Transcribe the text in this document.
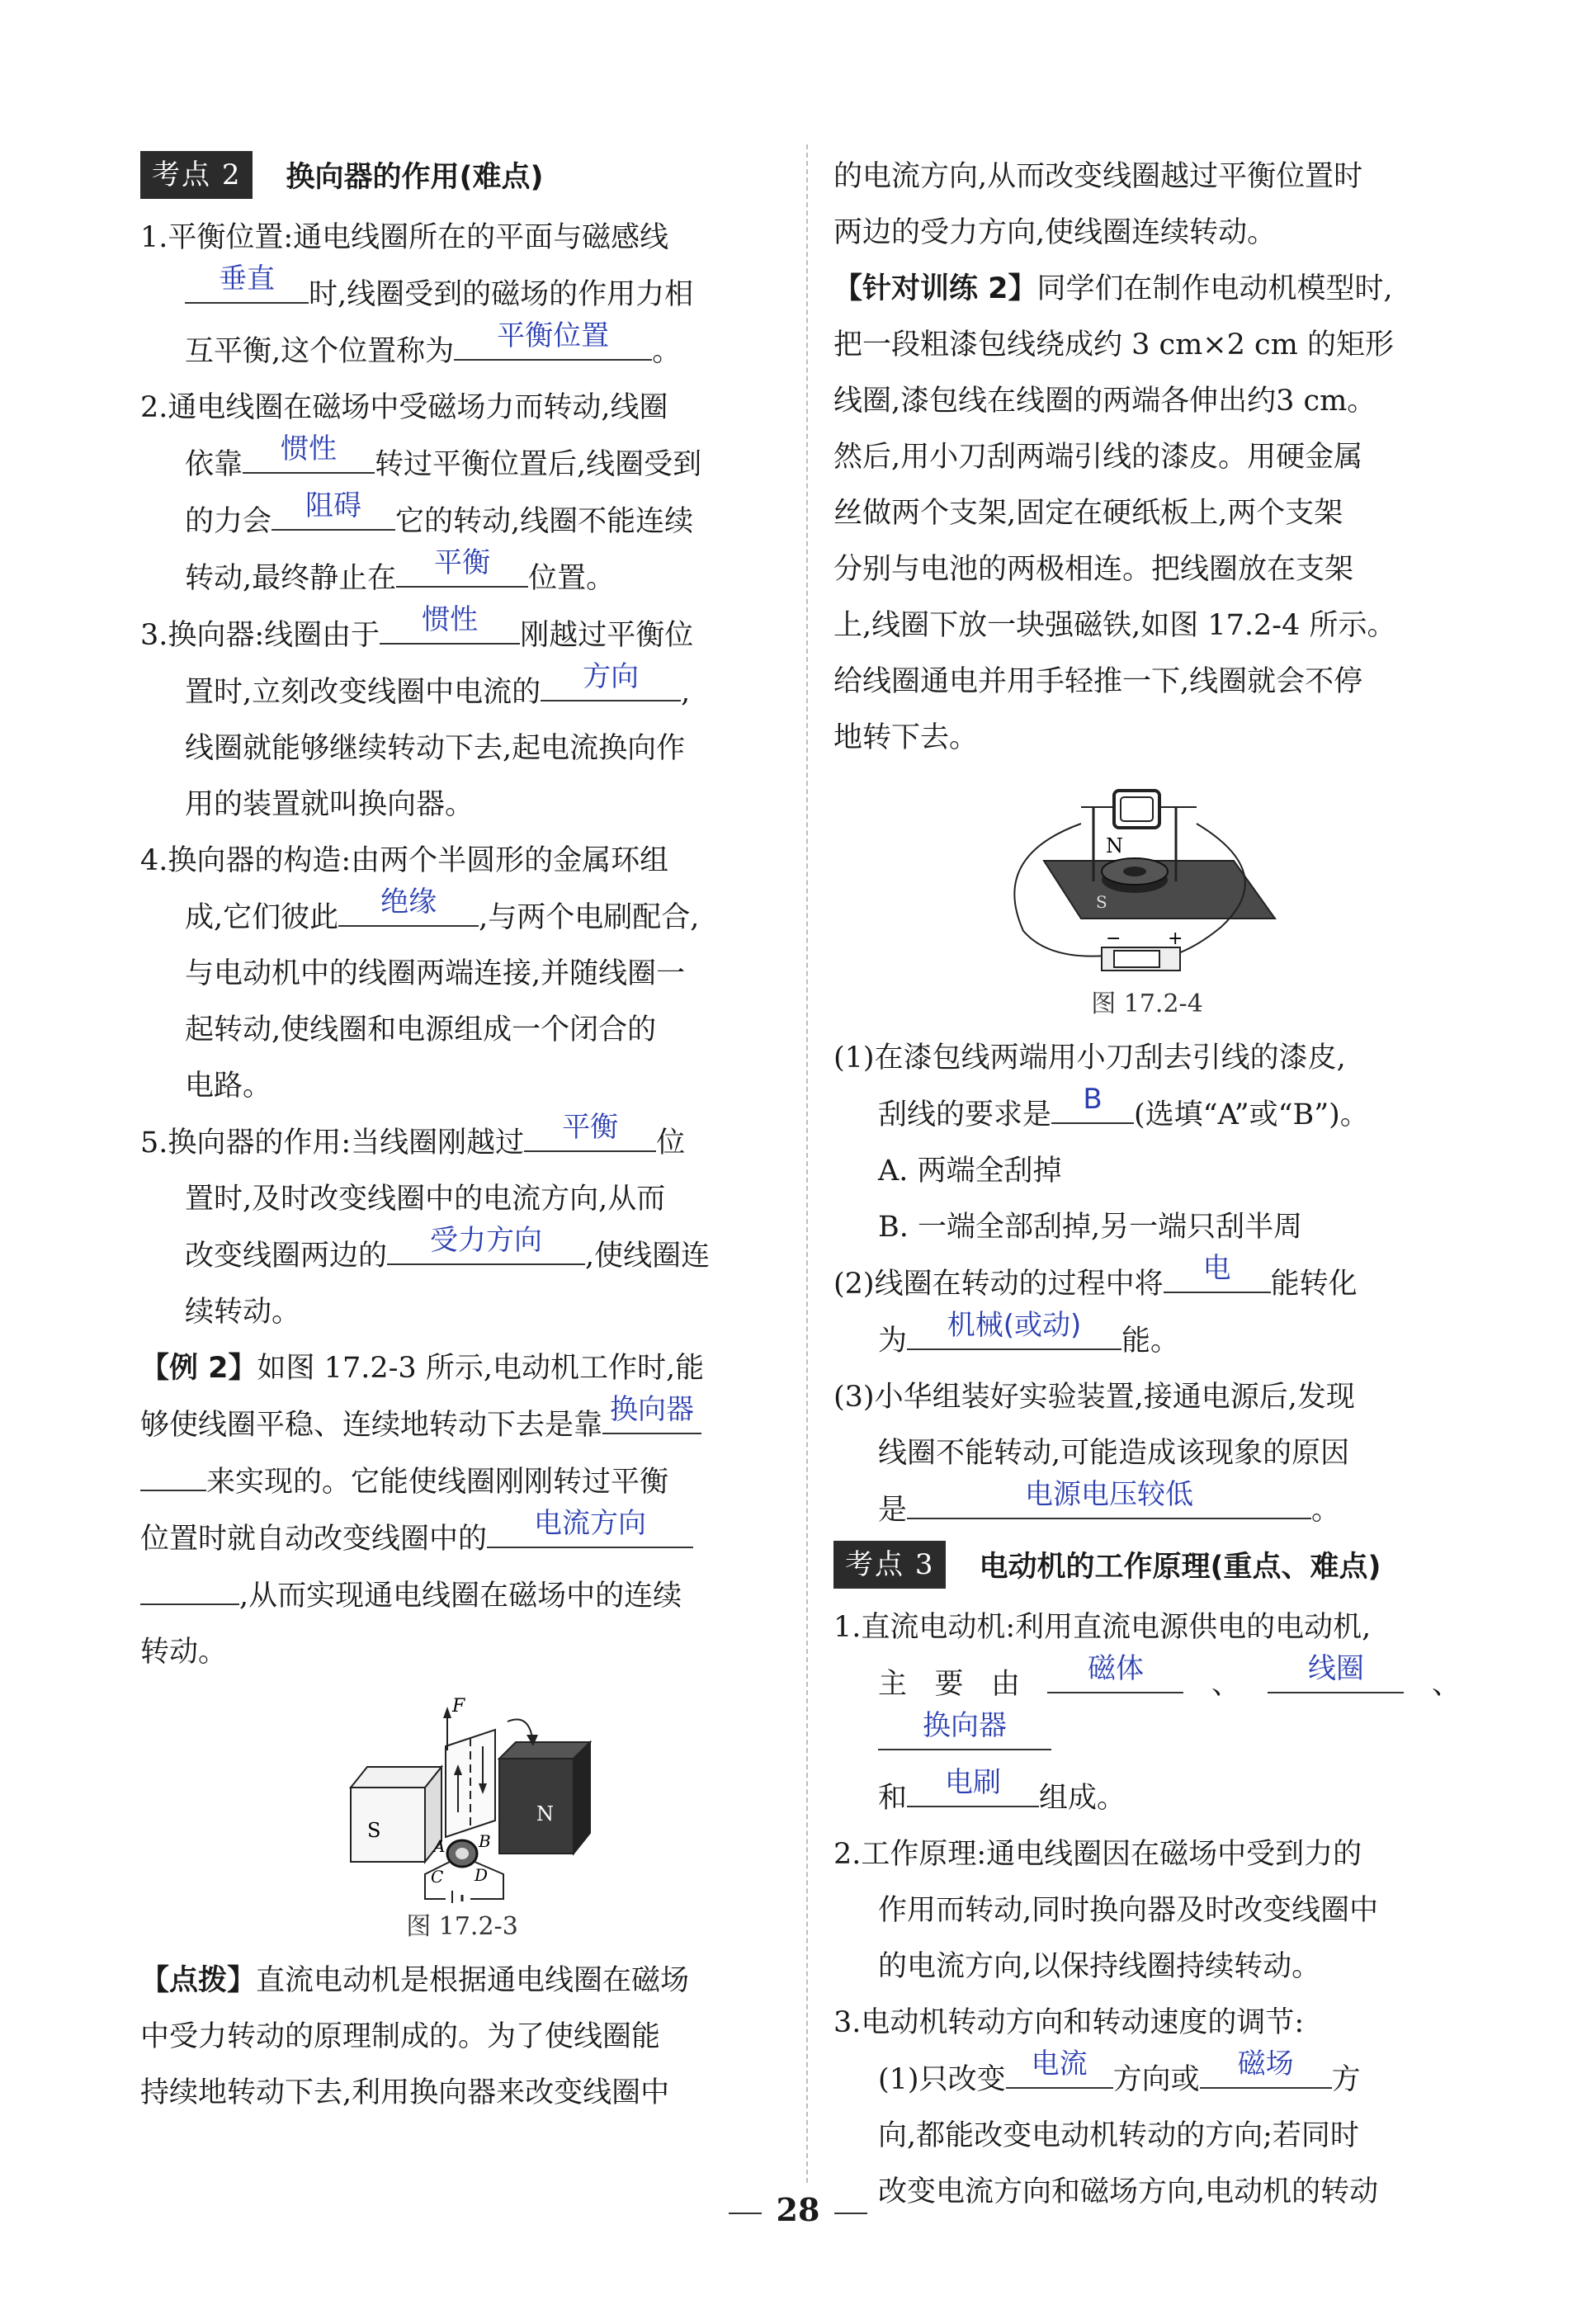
考点 2	换向器的作用(难点)

1.平衡位置:通电线圈所在的平面与磁感线

垂直	时,线圈受到的磁场的作用力相

互平衡,这个位置称为	平衡位置	。

2.通电线圈在磁场中受磁场力而转动,线圈

依靠	惯性	转过平衡位置后,线圈受到

的力会	阻碍	它的转动,线圈不能连续

转动,最终静止在	平衡	位置。

3.换向器:线圈由于	惯性	刚越过平衡位

置时,立刻改变线圈中电流的	方向	,

线圈就能够继续转动下去,起电流换向作

用的装置就叫换向器。

4.换向器的构造:由两个半圆形的金属环组

成,它们彼此	绝缘	,与两个电刷配合,

与电动机中的线圈两端连接,并随线圈一

起转动,使线圈和电源组成一个闭合的

电路。

5.换向器的作用:当线圈刚越过	平衡	位

置时,及时改变线圈中的电流方向,从而

改变线圈两边的	受力方向	,使线圈连

续转动。

【例 2】如图 17.2-3 所示,电动机工作时,能

够使线圈平稳、连续地转动下去是靠 换向器

来实现的。它能使线圈刚刚转过平衡

位置时就自动改变线圈中的	电流方向

,从而实现通电线圈在磁场中的连续

转动。

S
N
F
A B
C D
图 17.2-3

【点拨】直流电动机是根据通电线圈在磁场

中受力转动的原理制成的。为了使线圈能

持续地转动下去,利用换向器来改变线圈中

的电流方向,从而改变线圈越过平衡位置时

两边的受力方向,使线圈连续转动。

【针对训练 2】同学们在制作电动机模型时,

把一段粗漆包线绕成约 3 cm×2 cm 的矩形

线圈,漆包线在线圈的两端各伸出约3 cm。

然后,用小刀刮两端引线的漆皮。用硬金属

丝做两个支架,固定在硬纸板上,两个支架

分别与电池的两极相连。把线圈放在支架

上,线圈下放一块强磁铁,如图 17.2-4 所示。

给线圈通电并用手轻推一下,线圈就会不停

地转下去。

N
S
−	+
图 17.2-4

(1)在漆包线两端用小刀刮去引线的漆皮,

刮线的要求是	B	(选填“A”或“B”)。

A. 两端全刮掉

B. 一端全部刮掉,另一端只刮半周

(2)线圈在转动的过程中将	电	能转化

为	机械(或动)	能。

(3)小华组装好实验装置,接通电源后,发现

线圈不能转动,可能造成该现象的原因

是	电源电压较低	。

考点 3	电动机的工作原理(重点、难点)

1.直流电动机:利用直流电源供电的电动机,

主要由	磁体	、	线圈	、
换向器

和	电刷	组成。

2.工作原理:通电线圈因在磁场中受到力的

作用而转动,同时换向器及时改变线圈中

的电流方向,以保持线圈持续转动。

3.电动机转动方向和转动速度的调节:

(1)只改变 电流 方向或	磁场	方

向,都能改变电动机转动的方向;若同时

改变电流方向和磁场方向,电动机的转动

28
